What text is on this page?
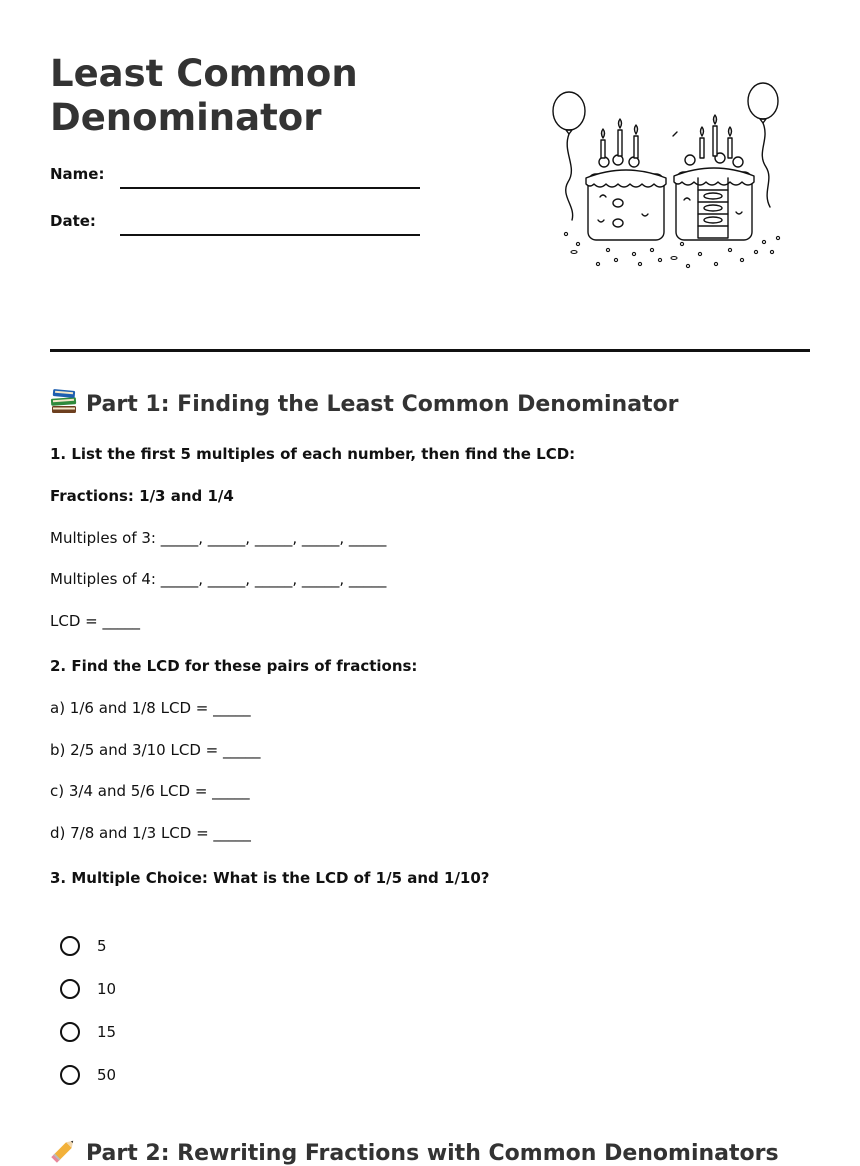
Least Common
Denominator
Name:
Date:
Part 1: Finding the Least Common Denominator
1. List the first 5 multiples of each number, then find the LCD:
Fractions: 1/3 and 1/4
Multiples of 3: _____, _____, _____, _____, _____
Multiples of 4: _____, _____, _____, _____, _____
LCD = _____
2. Find the LCD for these pairs of fractions:
a) 1/6 and 1/8 LCD = _____
b) 2/5 and 3/10 LCD = _____
c) 3/4 and 5/6 LCD = _____
d) 7/8 and 1/3 LCD = _____
3. Multiple Choice: What is the LCD of 1/5 and 1/10?
5
10
15
50
Part 2: Rewriting Fractions with Common Denominators
